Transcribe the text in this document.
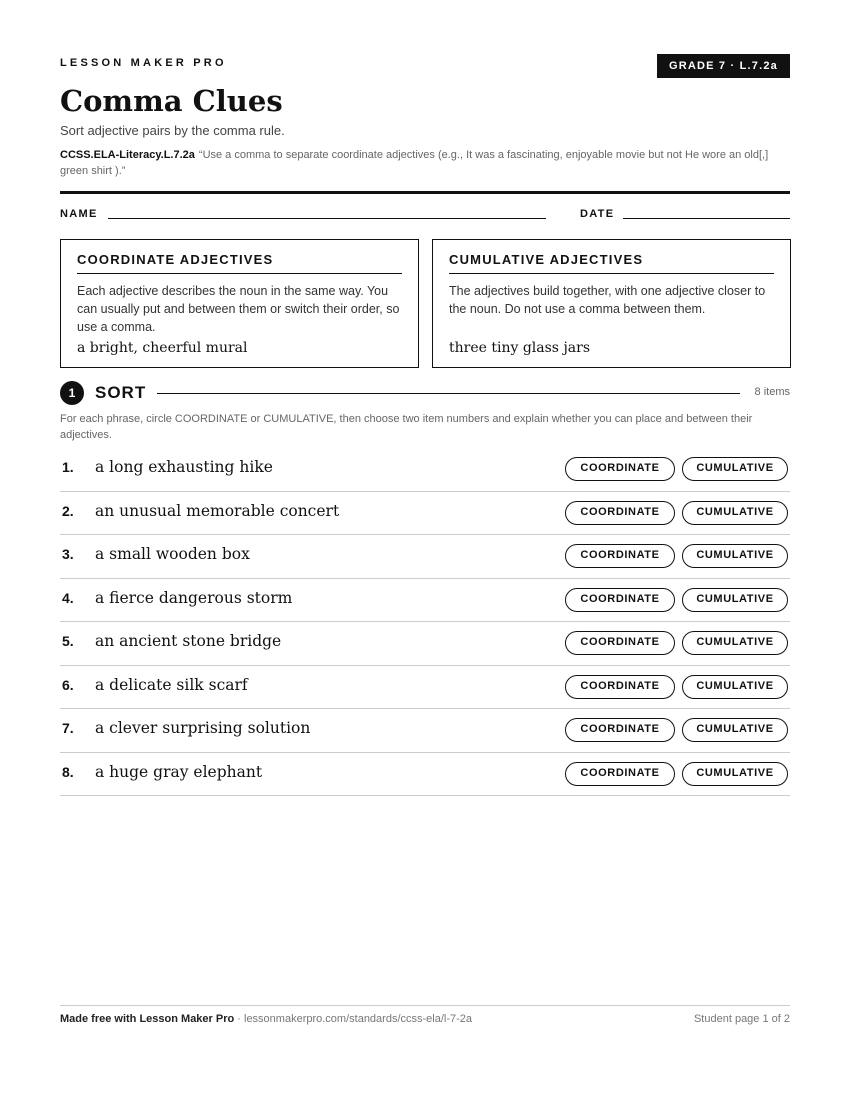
LESSON MAKER PRO	GRADE 7 · L.7.2a
Comma Clues
Sort adjective pairs by the comma rule.
CCSS.ELA-Literacy.L.7.2a “Use a comma to separate coordinate adjectives (e.g., It was a fascinating, enjoyable movie but not He wore an old[,] green shirt ).”
NAME	DATE
COORDINATE ADJECTIVES

Each adjective describes the noun in the same way. You can usually put and between them or switch their order, so use a comma.

a bright, cheerful mural
CUMULATIVE ADJECTIVES

The adjectives build together, with one adjective closer to the noun. Do not use a comma between them.

three tiny glass jars
1	SORT	8 items
For each phrase, circle COORDINATE or CUMULATIVE, then choose two item numbers and explain whether you can place and between their adjectives.
1. a long exhausting hike	COORDINATE	CUMULATIVE
2. an unusual memorable concert	COORDINATE	CUMULATIVE
3. a small wooden box	COORDINATE	CUMULATIVE
4. a fierce dangerous storm	COORDINATE	CUMULATIVE
5. an ancient stone bridge	COORDINATE	CUMULATIVE
6. a delicate silk scarf	COORDINATE	CUMULATIVE
7. a clever surprising solution	COORDINATE	CUMULATIVE
8. a huge gray elephant	COORDINATE	CUMULATIVE
Made free with Lesson Maker Pro · lessonmakerpro.com/standards/ccss-ela/l-7-2a	Student page 1 of 2
